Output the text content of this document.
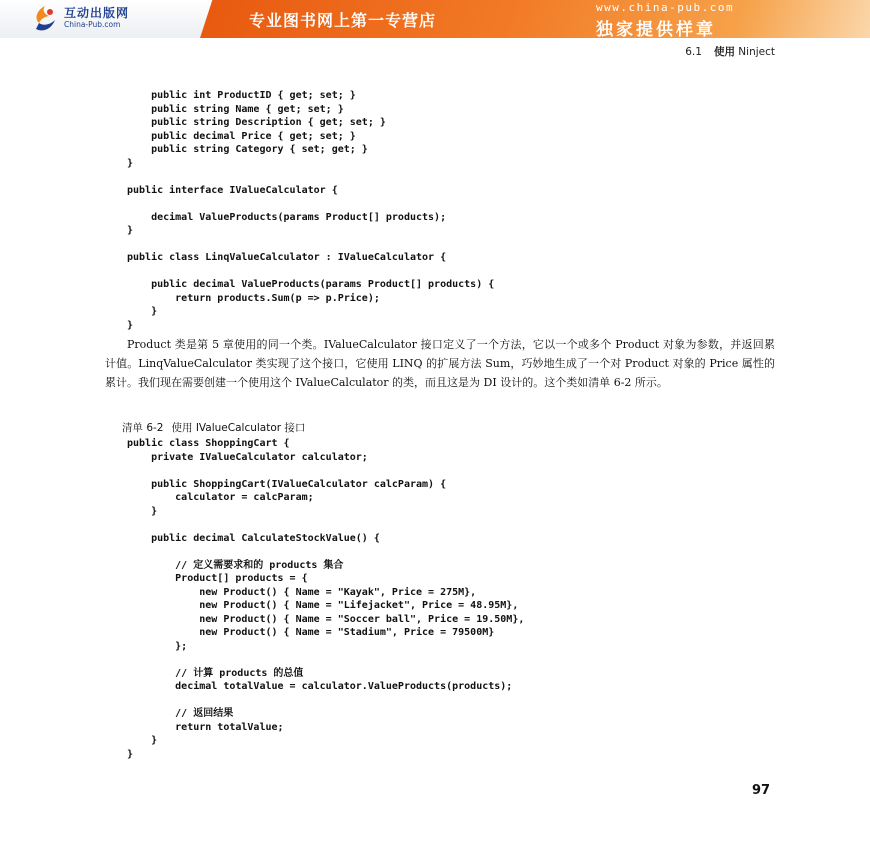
互动出版网
China-Pub.com	专业图书网上第一专营店
www.china-pub.com
独家提供样章
6.1 使用 Ninject
public int ProductID { get; set; }
public string Name { get; set; }
public string Description { get; set; }
public decimal Price { get; set; }
public string Category { set; get; }
}

public interface IValueCalculator {

decimal ValueProducts(params Product[] products);
}

public class LinqValueCalculator : IValueCalculator {

public decimal ValueProducts(params Product[] products) {
return products.Sum(p => p.Price);
}
}

Product 类是第 5 章使用的同一个类。IValueCalculator 接口定义了一个方法，它以一个或多个 Product 对象为参数，并返回累计值。LinqValueCalculator 类实现了这个接口，它使用 LINQ 的扩展方法 Sum，巧妙地生成了一个对 Product 对象的 Price 属性的累计。我们现在需要创建一个使用这个 IValueCalculator 的类，而且这是为 DI 设计的。这个类如清单 6-2 所示。

清单 6-2 使用 IValueCalculator 接口
public class ShoppingCart {
private IValueCalculator calculator;

public ShoppingCart(IValueCalculator calcParam) {
calculator = calcParam;
}

public decimal CalculateStockValue() {

// 定义需要求和的 products 集合
Product[] products = {
new Product() { Name = "Kayak", Price = 275M},
new Product() { Name = "Lifejacket", Price = 48.95M},
new Product() { Name = "Soccer ball", Price = 19.50M},
new Product() { Name = "Stadium", Price = 79500M}
};

// 计算 products 的总值
decimal totalValue = calculator.ValueProducts(products);

// 返回结果
return totalValue;
}
}
97
